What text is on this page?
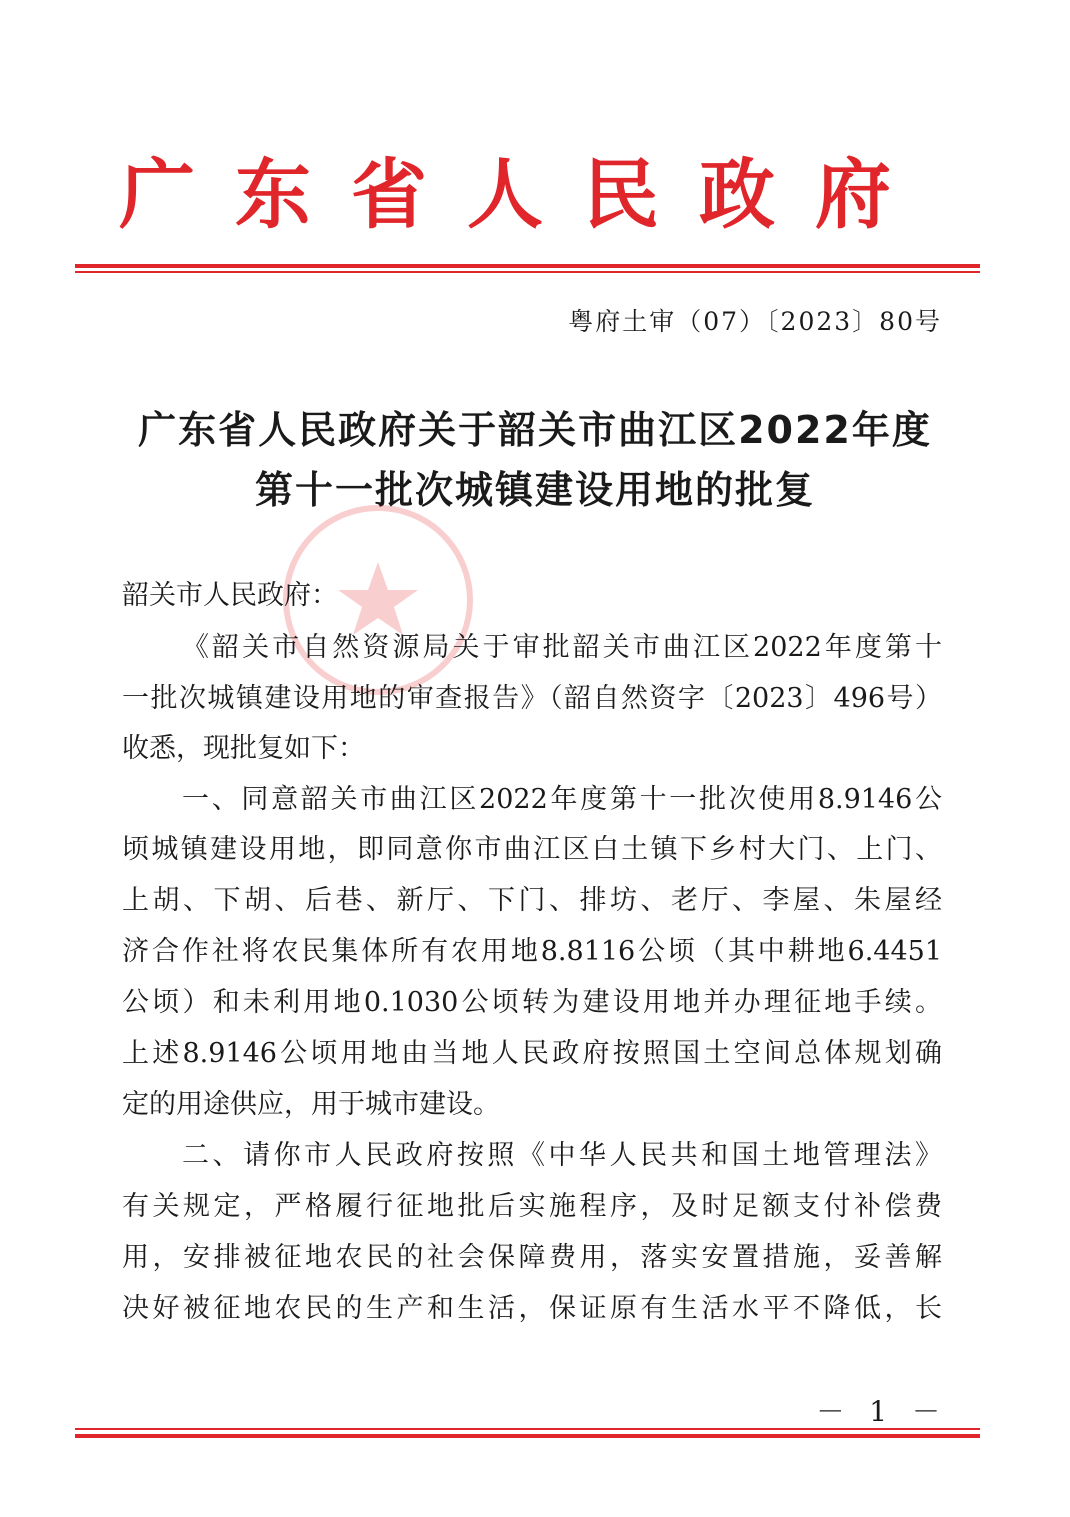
广东省人民政府
粤府土审（07）〔2023〕80号
广东省人民政府关于韶关市曲江区2022年度
第十一批次城镇建设用地的批复
韶关市人民政府：
《韶关市自然资源局关于审批韶关市曲江区2022年度第十
一批次城镇建设用地的审查报告》（韶自然资字〔2023〕496号）
收悉，现批复如下：
一、同意韶关市曲江区2022年度第十一批次使用8.9146公
顷城镇建设用地，即同意你市曲江区白土镇下乡村大门、上门、
上胡、下胡、后巷、新厅、下门、排坊、老厅、李屋、朱屋经
济合作社将农民集体所有农用地8.8116公顷（其中耕地6.4451
公顷）和未利用地0.1030公顷转为建设用地并办理征地手续。
上述8.9146公顷用地由当地人民政府按照国土空间总体规划确
定的用途供应，用于城市建设。
二、请你市人民政府按照《中华人民共和国土地管理法》
有关规定，严格履行征地批后实施程序，及时足额支付补偿费
用，安排被征地农民的社会保障费用，落实安置措施，妥善解
决好被征地农民的生产和生活，保证原有生活水平不降低，长
－ 1 －
